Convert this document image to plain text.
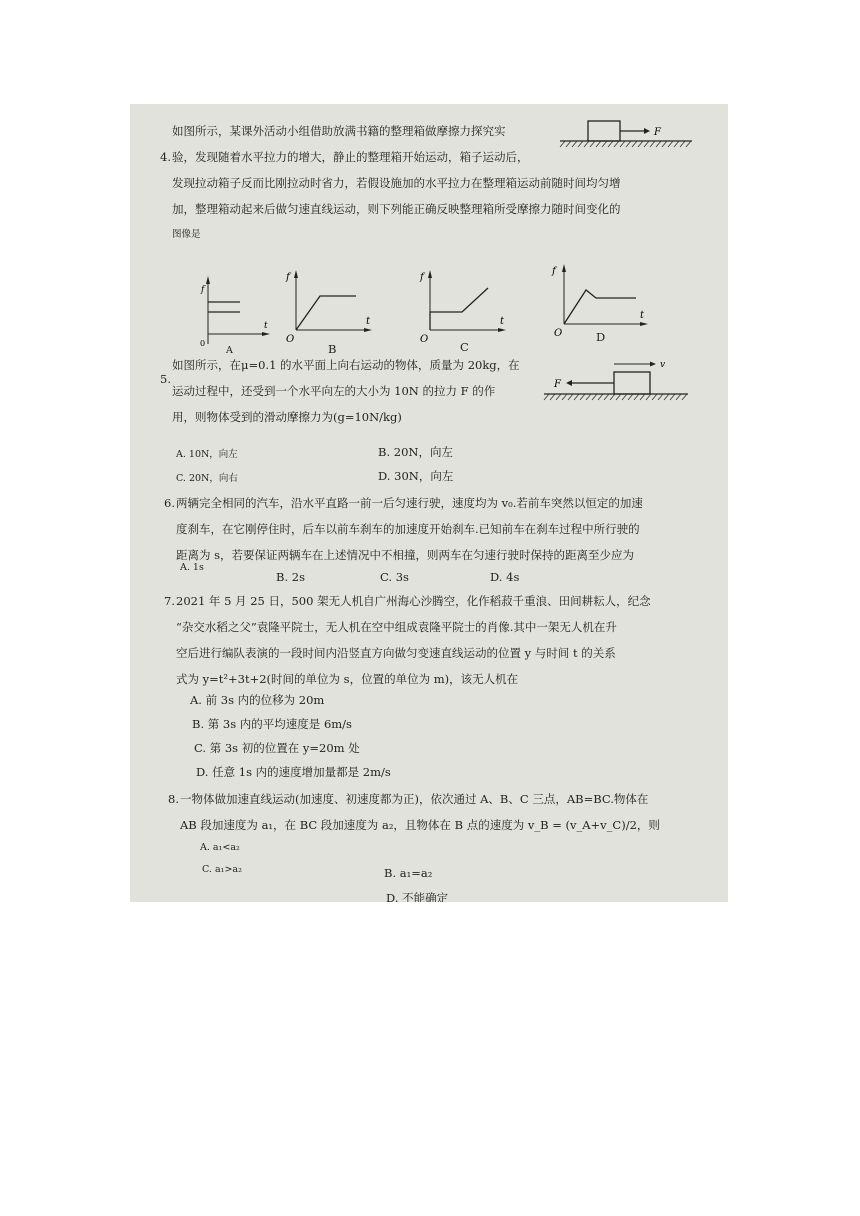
4.
如图所示，某课外活动小组借助放满书籍的整理箱做摩擦力探究实
验，发现随着水平拉力的增大，静止的整理箱开始运动，箱子运动后，
发现拉动箱子反而比刚拉动时省力，若假设施加的水平拉力在整理箱运动前随时间均匀增
加，整理箱动起来后做匀速直线运动，则下列能正确反映整理箱所受摩擦力随时间变化的
图像是
F
f
t
0
A
f
t
O
B
f
t
O
C
f
t
O	D
5.
如图所示，在μ=0.1 的水平面上向右运动的物体，质量为 20kg，在
运动过程中，还受到一个水平向左的大小为 10N 的拉力 F 的作
用，则物体受到的滑动摩擦力为(g=10N/kg)
v
F
A. 10N，向左	B. 20N，向左
C. 20N，向右	D. 30N，向左
6. 两辆完全相同的汽车，沿水平直路一前一后匀速行驶，速度均为 v₀.若前车突然以恒定的加速
度刹车，在它刚停住时，后车以前车刹车的加速度开始刹车.已知前车在刹车过程中所行驶的
距离为 s，若要保证两辆车在上述情况中不相撞，则两车在匀速行驶时保持的距离至少应为
A. 1s
B. 2s	C. 3s	D. 4s
7. 2021 年 5 月 25 日，500 架无人机自广州海心沙腾空，化作稻菽千重浪、田间耕耘人，纪念
“杂交水稻之父”袁隆平院士，无人机在空中组成袁隆平院士的肖像.其中一架无人机在升
空后进行编队表演的一段时间内沿竖直方向做匀变速直线运动的位置 y 与时间 t 的关系
式为 y=t²+3t+2(时间的单位为 s，位置的单位为 m)，该无人机在
A. 前 3s 内的位移为 20m
B. 第 3s 内的平均速度是 6m/s
C. 第 3s 初的位置在 y=20m 处
D. 任意 1s 内的速度增加量都是 2m/s
8. 一物体做加速直线运动(加速度、初速度都为正)，依次通过 A、B、C 三点，AB=BC.物体在
AB 段加速度为 a₁，在 BC 段加速度为 a₂，且物体在 B 点的速度为 v_B = (v_A+v_C)/2，则
A. a₁<a₂
C. a₁>a₂	B. a₁=a₂
D. 不能确定
